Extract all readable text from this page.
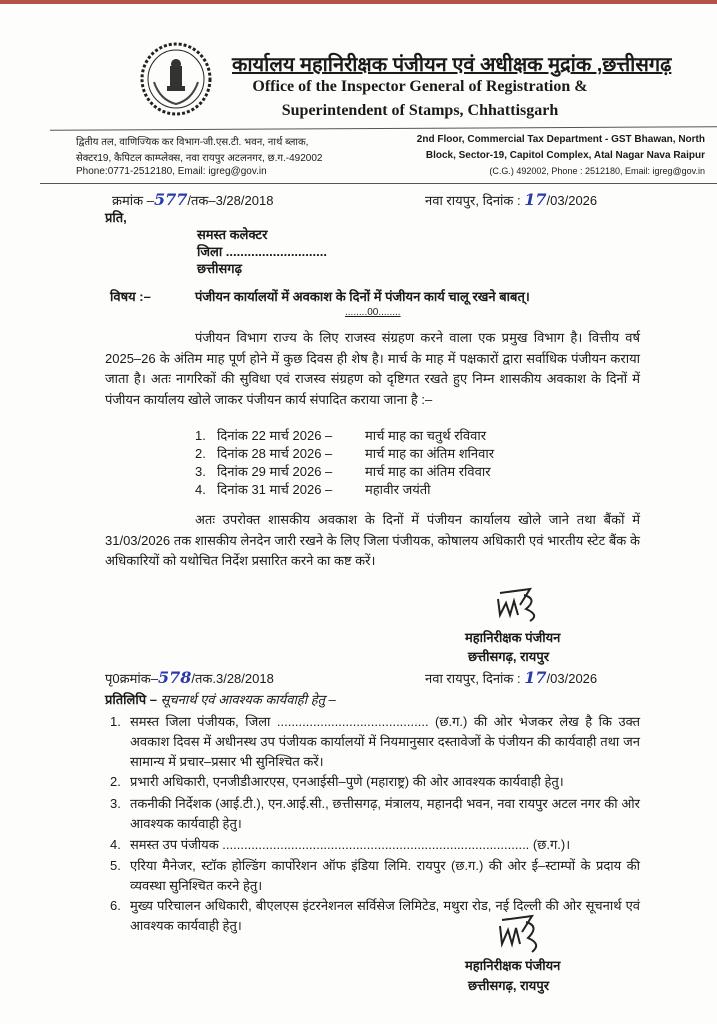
कार्यालय महानिरीक्षक पंजीयन एवं अधीक्षक मुद्रांक ,छत्तीसगढ़
Office of the Inspector General of Registration &
Superintendent of Stamps, Chhattisgarh
द्वितीय तल, वाणिज्यिक कर विभाग-जी.एस.टी. भवन, नार्थ ब्लाक,
सेक्टर19, कैपिटल काम्प्लेक्स, नवा रायपुर अटलनगर, छ.ग.-492002
Phone:0771-2512180, Email: igreg@gov.in
2nd Floor, Commercial Tax Department - GST Bhawan, North
Block, Sector-19, Capitol Complex, Atal Nagar Nava Raipur
(C.G.) 492002, Phone : 2512180, Email: igreg@gov.in
क्रमांक –577/तक–3/28/2018	नवा रायपुर, दिनांक : 17/03/2026
प्रति,
समस्त कलेक्टर
जिला ............................
छत्तीसगढ़
विषय :–	पंजीयन कार्यालयों में अवकाश के दिनों में पंजीयन कार्य चालू रखने बाबत्।
........00........
पंजीयन विभाग राज्य के लिए राजस्व संग्रहण करने वाला एक प्रमुख विभाग है। वित्तीय वर्ष 2025–26 के अंतिम माह पूर्ण होने में कुछ दिवस ही शेष है। मार्च के माह में पक्षकारों द्वारा सर्वाधिक पंजीयन कराया जाता है। अतः नागरिकों की सुविधा एवं राजस्व संग्रहण को दृष्टिगत रखते हुए निम्न शासकीय अवकाश के दिनों में पंजीयन कार्यालय खोले जाकर पंजीयन कार्य संपादित कराया जाना है :–
1. दिनांक 22 मार्च 2026 –	मार्च माह का चतुर्थ रविवार
2. दिनांक 28 मार्च 2026 –	मार्च माह का अंतिम शनिवार
3. दिनांक 29 मार्च 2026 –	मार्च माह का अंतिम रविवार
4. दिनांक 31 मार्च 2026 –	महावीर जयंती
अतः उपरोक्त शासकीय अवकाश के दिनों में पंजीयन कार्यालय खोले जाने तथा बैंकों में 31/03/2026 तक शासकीय लेनदेन जारी रखने के लिए जिला पंजीयक, कोषालय अधिकारी एवं भारतीय स्टेट बैंक के अधिकारियों को यथोचित निर्देश प्रसारित करने का कष्ट करें।
महानिरीक्षक पंजीयन
छत्तीसगढ़, रायपुर
पृ0क्रमांक–578/तक.3/28/2018	नवा रायपुर, दिनांक : 17/03/2026
प्रतिलिपि – सूचनार्थ एवं आवश्यक कार्यवाही हेतु –
1. समस्त जिला पंजीयक, जिला .......................................... (छ.ग.) की ओर भेजकर लेख है कि उक्त अवकाश दिवस में अधीनस्थ उप पंजीयक कार्यालयों में नियमानुसार दस्तावेजों के पंजीयन की कार्यवाही तथा जन सामान्य में प्रचार–प्रसार भी सुनिश्चित करें।
2. प्रभारी अधिकारी, एनजीडीआरएस, एनआईसी–पुणे (महाराष्ट्र) की ओर आवश्यक कार्यवाही हेतु।
3. तकनीकी निर्देशक (आई.टी.), एन.आई.सी., छत्तीसगढ़, मंत्रालय, महानदी भवन, नवा रायपुर अटल नगर की ओर आवश्यक कार्यवाही हेतु।
4. समस्त उप पंजीयक ..................................................................................... (छ.ग.)।
5. एरिया मैनेजर, स्टॉक होल्डिंग कार्पोरेशन ऑफ इंडिया लिमि. रायपुर (छ.ग.) की ओर ई–स्टाम्पों के प्रदाय की व्यवस्था सुनिश्चित करने हेतु।
6. मुख्य परिचालन अधिकारी, बीएलएस इंटरनेशनल सर्विसेज लिमिटेड, मथुरा रोड, नई दिल्ली की ओर सूचनार्थ एवं आवश्यक कार्यवाही हेतु।
महानिरीक्षक पंजीयन
छत्तीसगढ़, रायपुर
